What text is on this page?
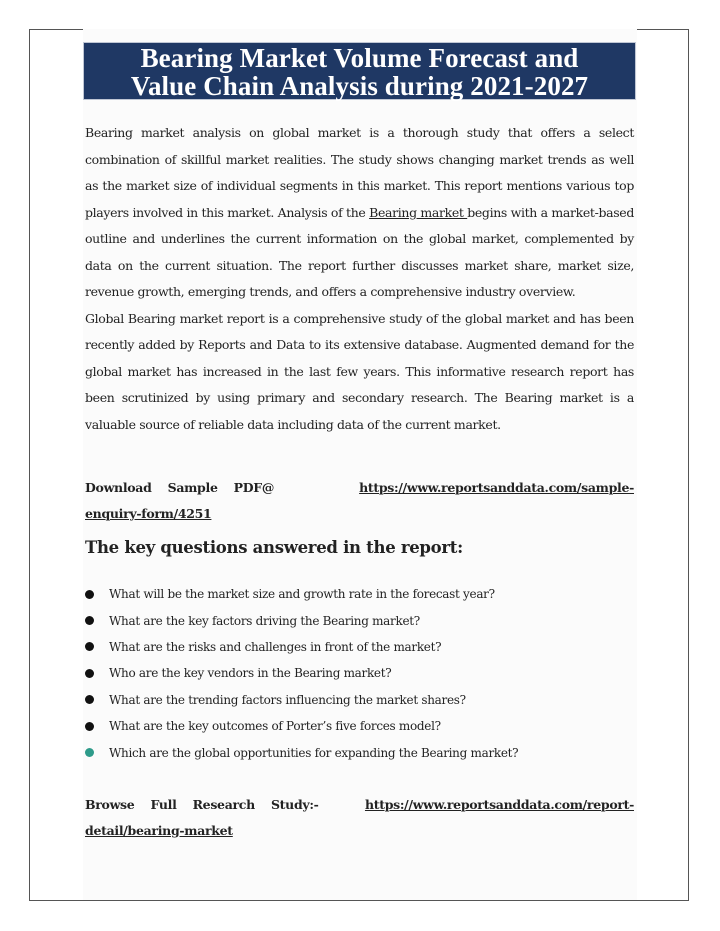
Bearing Market Volume Forecast and
Value Chain Analysis during 2021-2027

Bearing market analysis on global market is a thorough study that offers a select combination of skillful market realities. The study shows changing market trends as well as the market size of individual segments in this market. This report mentions various top players involved in this market. Analysis of the Bearing market begins with a market-based outline and underlines the current information on the global market, complemented by data on the current situation. The report further discusses market share, market size, revenue growth, emerging trends, and offers a comprehensive industry overview.

Global Bearing market report is a comprehensive study of the global market and has been recently added by Reports and Data to its extensive database. Augmented demand for the global market has increased in the last few years. This informative research report has been scrutinized by using primary and secondary research. The Bearing market is a valuable source of reliable data including data of the current market.

Download Sample PDF@	https://www.reportsanddata.com/sample-
enquiry-form/4251
The key questions answered in the report:
What will be the market size and growth rate in the forecast year?
What are the key factors driving the Bearing market?
What are the risks and challenges in front of the market?
Who are the key vendors in the Bearing market?
What are the trending factors influencing the market shares?
What are the key outcomes of Porter’s five forces model?
Which are the global opportunities for expanding the Bearing market?
Browse Full Research Study:-	https://www.reportsanddata.com/report-
detail/bearing-market
